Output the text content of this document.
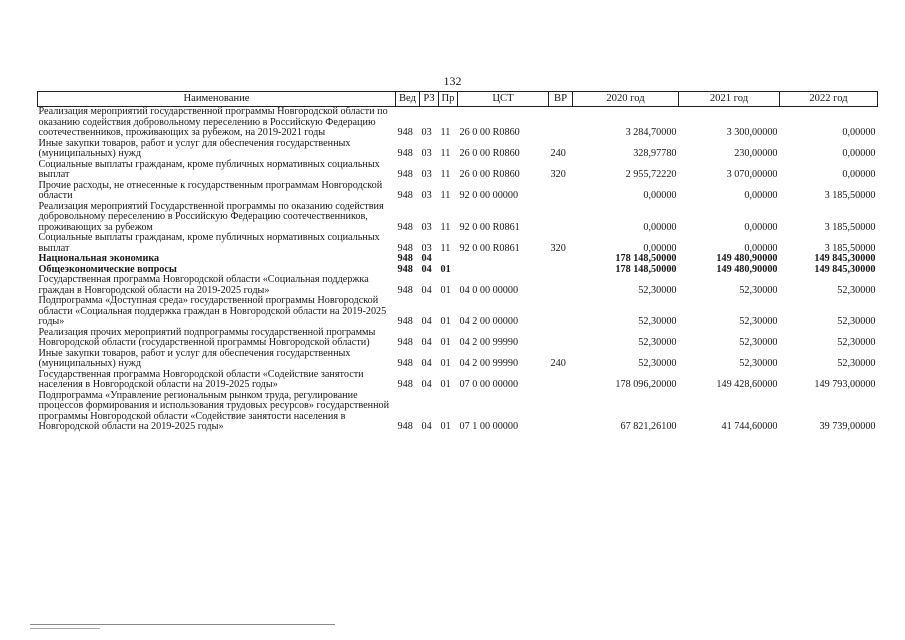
132
Наименование	Вед	РЗ	Пр	ЦСТ	ВР	2020 год	2021 год	2022 год
Реализация мероприятий государственной программы Новгородской области по оказанию содействия добровольному переселению в Российскую Федерацию соотечественников, проживающих за рубежом, на 2019-2021 годы	948	03	11	26 0 00 R0860		3 284,70000	3 300,00000	0,00000
Иные закупки товаров, работ и услуг для обеспечения государственных (муниципальных) нужд	948	03	11	26 0 00 R0860	240	328,97780	230,00000	0,00000
Социальные выплаты гражданам, кроме публичных нормативных социальных выплат	948	03	11	26 0 00 R0860	320	2 955,72220	3 070,00000	0,00000
Прочие расходы, не отнесенные к государственным программам Новгородской области	948	03	11	92 0 00 00000		0,00000	0,00000	3 185,50000
Реализация мероприятий Государственной программы по оказанию содействия добровольному переселению в Российскую Федерацию соотечественников, проживающих за рубежом	948	03	11	92 0 00 R0861		0,00000	0,00000	3 185,50000
Социальные выплаты гражданам, кроме публичных нормативных социальных выплат	948	03	11	92 0 00 R0861	320	0,00000	0,00000	3 185,50000
Национальная экономика	948	04				178 148,50000	149 480,90000	149 845,30000
Общеэкономические вопросы	948	04	01			178 148,50000	149 480,90000	149 845,30000
Государственная программа Новгородской области «Социальная поддержка граждан в Новгородской области на 2019-2025 годы»	948	04	01	04 0 00 00000		52,30000	52,30000	52,30000
Подпрограмма «Доступная среда» государственной программы Новгородской области «Социальная поддержка граждан в Новгородской области на 2019-2025 годы»	948	04	01	04 2 00 00000		52,30000	52,30000	52,30000
Реализация прочих мероприятий подпрограммы государственной программы Новгородской области (государственной программы Новгородской области)	948	04	01	04 2 00 99990		52,30000	52,30000	52,30000
Иные закупки товаров, работ и услуг для обеспечения государственных (муниципальных) нужд	948	04	01	04 2 00 99990	240	52,30000	52,30000	52,30000
Государственная программа Новгородской области «Содействие занятости населения в Новгородской области на 2019-2025 годы»	948	04	01	07 0 00 00000		178 096,20000	149 428,60000	149 793,00000
Подпрограмма «Управление региональным рынком труда, регулирование процессов формирования и использования трудовых ресурсов» государственной программы Новгородской области «Содействие занятости населения в Новгородской области на 2019-2025 годы»	948	04	01	07 1 00 00000		67 821,26100	41 744,60000	39 739,00000
